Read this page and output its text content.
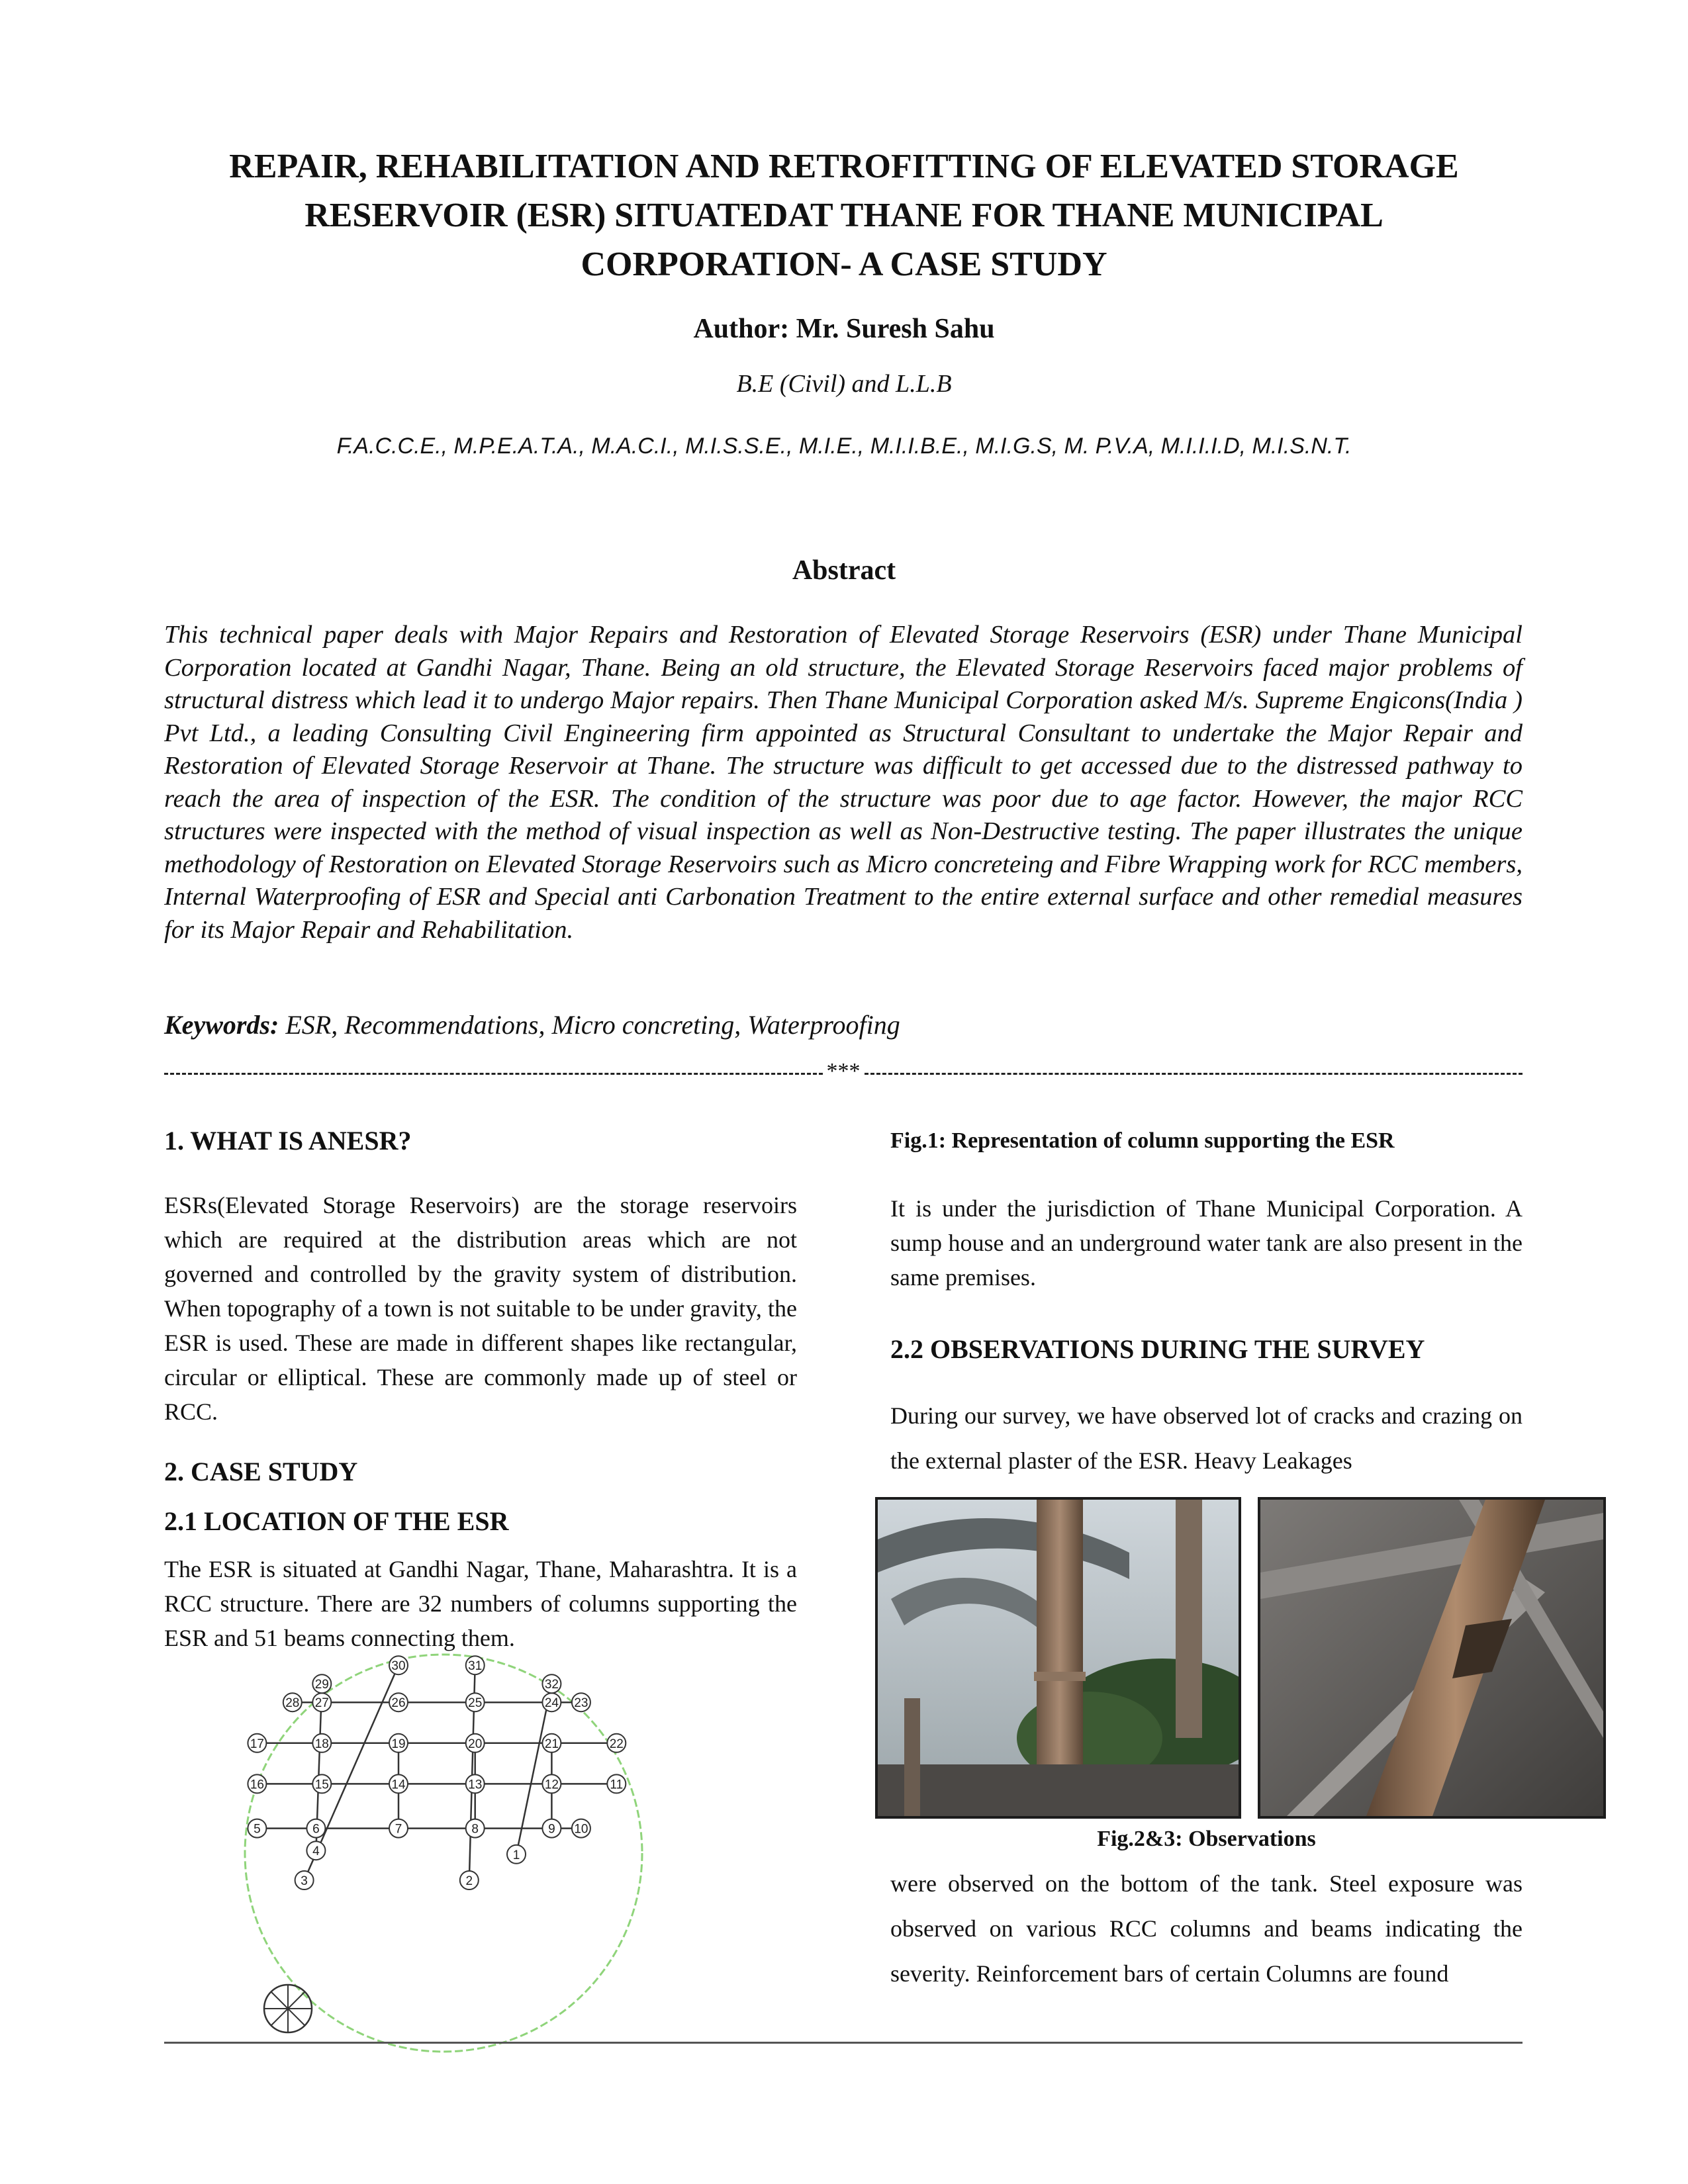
REPAIR, REHABILITATION AND RETROFITTING OF ELEVATED STORAGE
RESERVOIR (ESR) SITUATEDAT THANE FOR THANE MUNICIPAL
CORPORATION- A CASE STUDY

Author: Mr. Suresh Sahu

B.E (Civil) and L.L.B

F.A.C.C.E., M.P.E.A.T.A., M.A.C.I., M.I.S.S.E., M.I.E., M.I.I.B.E., M.I.G.S, M. P.V.A, M.I.I.I.D, M.I.S.N.T.

Abstract

This technical paper deals with Major Repairs and Restoration of Elevated Storage Reservoirs (ESR) under Thane Municipal Corporation located at Gandhi Nagar, Thane. Being an old structure, the Elevated Storage Reservoirs faced major problems of structural distress which lead it to undergo Major repairs. Then Thane Municipal Corporation asked M/s. Supreme Engicons(India ) Pvt Ltd., a leading Consulting Civil Engineering firm appointed as Structural Consultant to undertake the Major Repair and Restoration of Elevated Storage Reservoir at Thane. The structure was difficult to get accessed due to the distressed pathway to reach the area of inspection of the ESR. The condition of the structure was poor due to age factor. However, the major RCC structures were inspected with the method of visual inspection as well as Non-Destructive testing. The paper illustrates the unique methodology of Restoration on Elevated Storage Reservoirs such as Micro concreteing and Fibre Wrapping work for RCC members, Internal Waterproofing of ESR and Special anti Carbonation Treatment to the entire external surface and other remedial measures for its Major Repair and Rehabilitation.

Keywords: ESR, Recommendations, Micro concreting, Waterproofing

***
1. WHAT IS ANESR?

ESRs(Elevated Storage Reservoirs) are the storage reservoirs which are required at the distribution areas which are not governed and controlled by the gravity system of distribution. When topography of a town is not suitable to be under gravity, the ESR is used. These are made in different shapes like rectangular, circular or elliptical. These are commonly made up of steel or RCC.

2. CASE STUDY
2.1 LOCATION OF THE ESR

The ESR is situated at Gandhi Nagar, Thane, Maharashtra. It is a RCC structure. There are 32 numbers of columns supporting the ESR and 51 beams connecting them.

1
2
3
4
5	6	7	8	9 10
11
12
13
14
15
16
17	18	19	20	21	22
23
24
25
26
27
28
29
30	31
32

Fig.1: Representation of column supporting the ESR

It is under the jurisdiction of Thane Municipal Corporation. A sump house and an underground water tank are also present in the same premises.

2.2 OBSERVATIONS DURING THE SURVEY

During our survey, we have observed lot of cracks and crazing on the external plaster of the ESR. Heavy Leakages

Fig.2&3: Observations

were observed on the bottom of the tank. Steel exposure was observed on various RCC columns and beams indicating the severity. Reinforcement bars of certain Columns are found
